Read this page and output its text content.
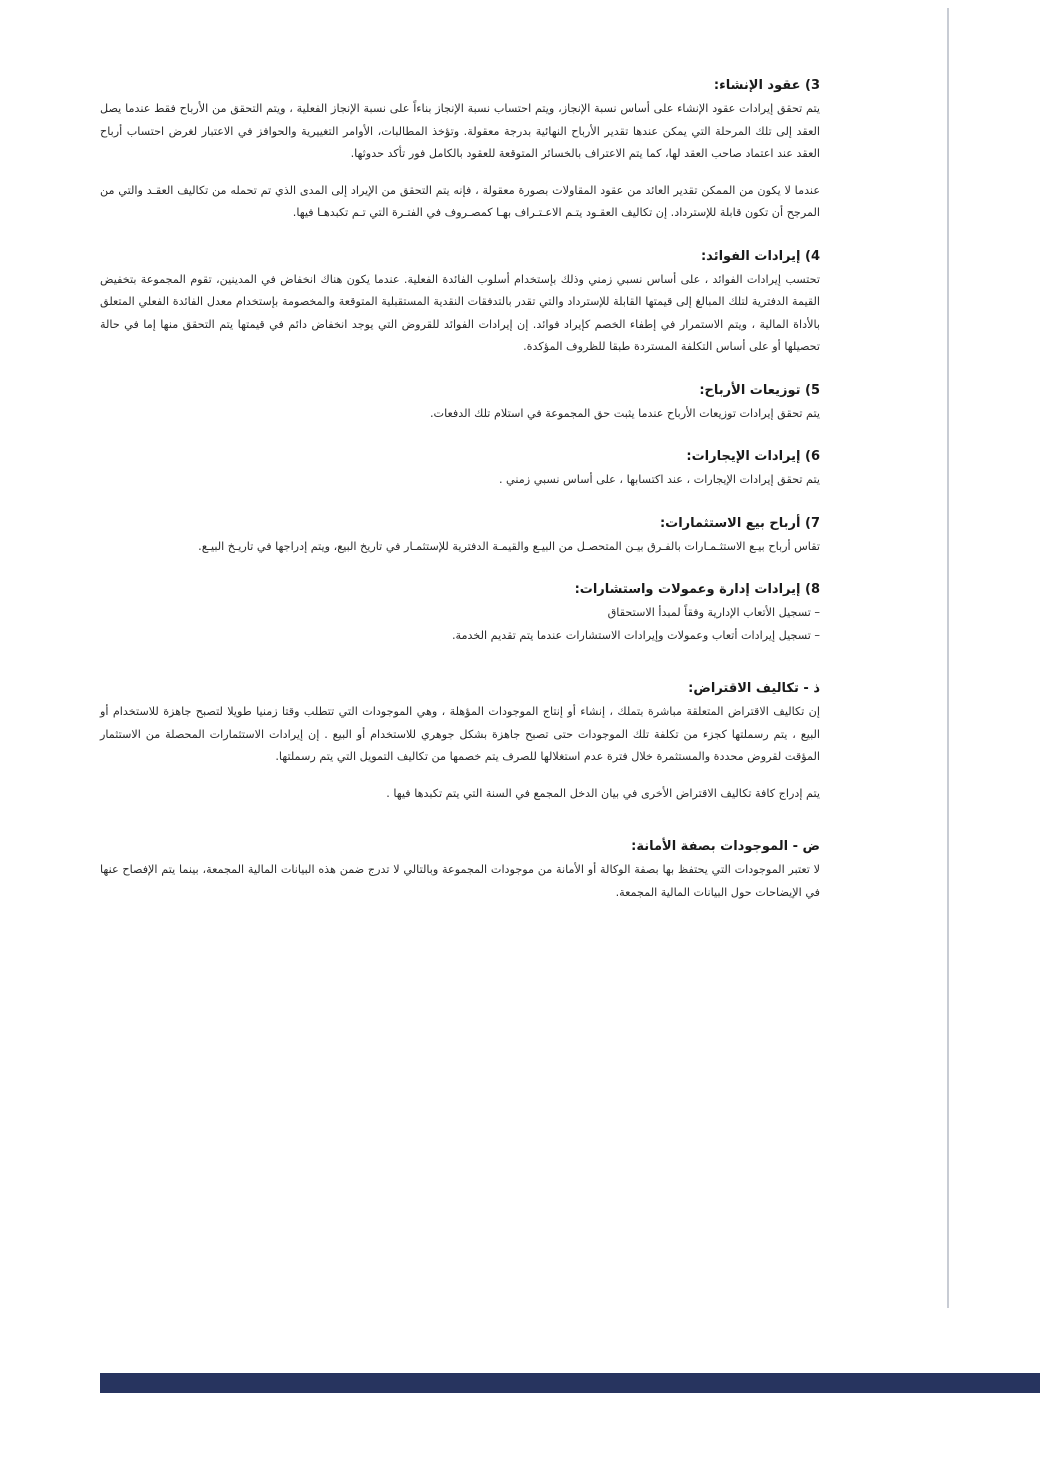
3) عقود الإنشاء:

يتم تحقق إيرادات عقود الإنشاء على أساس نسبة الإنجاز، ويتم احتساب نسبة الإنجاز بناءاً على نسبة الإنجاز الفعلية ، ويتم التحقق من الأرباح فقط عندما يصل العقد إلى تلك المرحلة التي يمكن عندها تقدير الأرباح النهائية بدرجة معقولة. وتؤخذ المطالبات، الأوامر التغييرية والحوافز في الاعتبار لغرض احتساب أرباح العقد عند اعتماد صاحب العقد لها، كما يتم الاعتراف بالخسائر المتوقعة للعقود بالكامل فور تأكد حدوثها.

عندما لا يكون من الممكن تقدير العائد من عقود المقاولات بصورة معقولة ، فإنه يتم التحقق من الإيراد إلى المدى الذي تم تحمله من تكاليف العقـد والتي من المرجح أن تكون قابلة للإسترداد. إن تكاليف العقـود يتـم الاعـتـراف بهـا كمصـروف في الفتـرة التي تـم تكبدهـا فيها.

4) إيرادات الفوائد:

تحتسب إيرادات الفوائد ، على أساس نسبي زمني وذلك بإستخدام أسلوب الفائدة الفعلية. عندما يكون هناك انخفاض في المدينين، تقوم المجموعة بتخفيض القيمة الدفترية لتلك المبالغ إلى قيمتها القابلة للإسترداد والتي تقدر بالتدفقات النقدية المستقبلية المتوقعة والمخصومة بإستخدام معدل الفائدة الفعلي المتعلق بالأداة المالية ، ويتم الاستمرار في إطفاء الخصم كإيراد فوائد. إن إيرادات الفوائد للقروض التي يوجد انخفاض دائم في قيمتها يتم التحقق منها إما في حالة تحصيلها أو على أساس التكلفة المستردة طبقا للظروف المؤكدة.

5) توزيعات الأرباح:

يتم تحقق إيرادات توزيعات الأرباح عندما يثبت حق المجموعة في استلام تلك الدفعات.

6) إيرادات الإيجارات:

يتم تحقق إيرادات الإيجارات ، عند اكتسابها ، على أساس نسبي زمني .

7) أرباح بيع الاستثمارات:

تقاس أرباح بيـع الاستثـمـارات بالفـرق بيـن المتحصـل من البيـع والقيمـة الدفترية للإستثمـار في تاريخ البيع، ويتم إدراجها في تاريـخ البيـع.

8) إيرادات إدارة وعمولات واستشارات:

– تسجيل الأتعاب الإدارية وفقاً لمبدأ الاستحقاق

– تسجيل إيرادات أتعاب وعمولات وإيرادات الاستشارات عندما يتم تقديم الخدمة.

ذ - تكاليف الاقتراض:

إن تكاليف الاقتراض المتعلقة مباشرة بتملك ، إنشاء أو إنتاج الموجودات المؤهلة ، وهي الموجودات التي تتطلب وقتا زمنيا طويلا لتصبح جاهزة للاستخدام أو البيع ، يتم رسملتها كجزء من تكلفة تلك الموجودات حتى تصبح جاهزة بشكل جوهري للاستخدام أو البيع . إن إيرادات الاستثمارات المحصلة من الاستثمار المؤقت لقروض محددة والمستثمرة خلال فترة عدم استغلالها للصرف يتم خصمها من تكاليف التمويل التي يتم رسملتها.

يتم إدراج كافة تكاليف الاقتراض الأخرى في بيان الدخل المجمع في السنة التي يتم تكبدها فيها .

ض - الموجودات بصفة الأمانة:

لا تعتبر الموجودات التي يحتفظ بها بصفة الوكالة أو الأمانة من موجودات المجموعة وبالتالي لا تدرج ضمن هذه البيانات المالية المجمعة، بينما يتم الإفصاح عنها في الإيضاحات حول البيانات المالية المجمعة.
